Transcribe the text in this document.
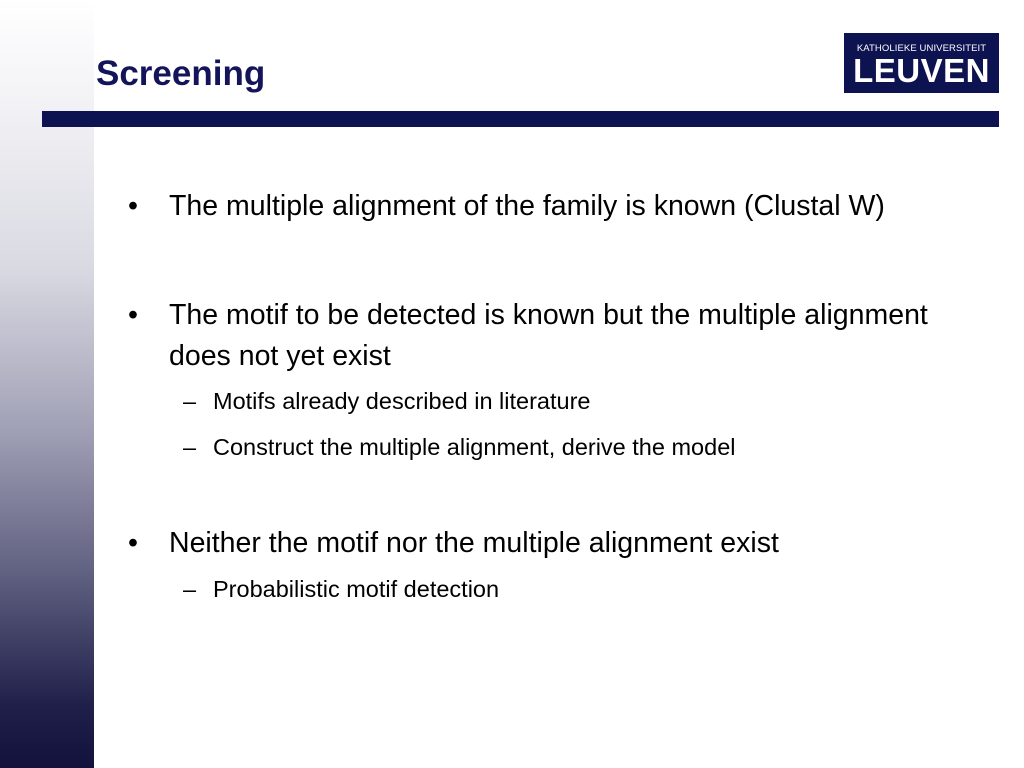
Screening
KATHOLIEKE UNIVERSITEIT
LEUVEN
•	The multiple alignment of the family is known (Clustal W)
•	The motif to be detected is known but the multiple alignment does not yet exist
– Motifs already described in literature
– Construct the multiple alignment, derive the model
•	Neither the motif nor the multiple alignment exist
– Probabilistic motif detection
